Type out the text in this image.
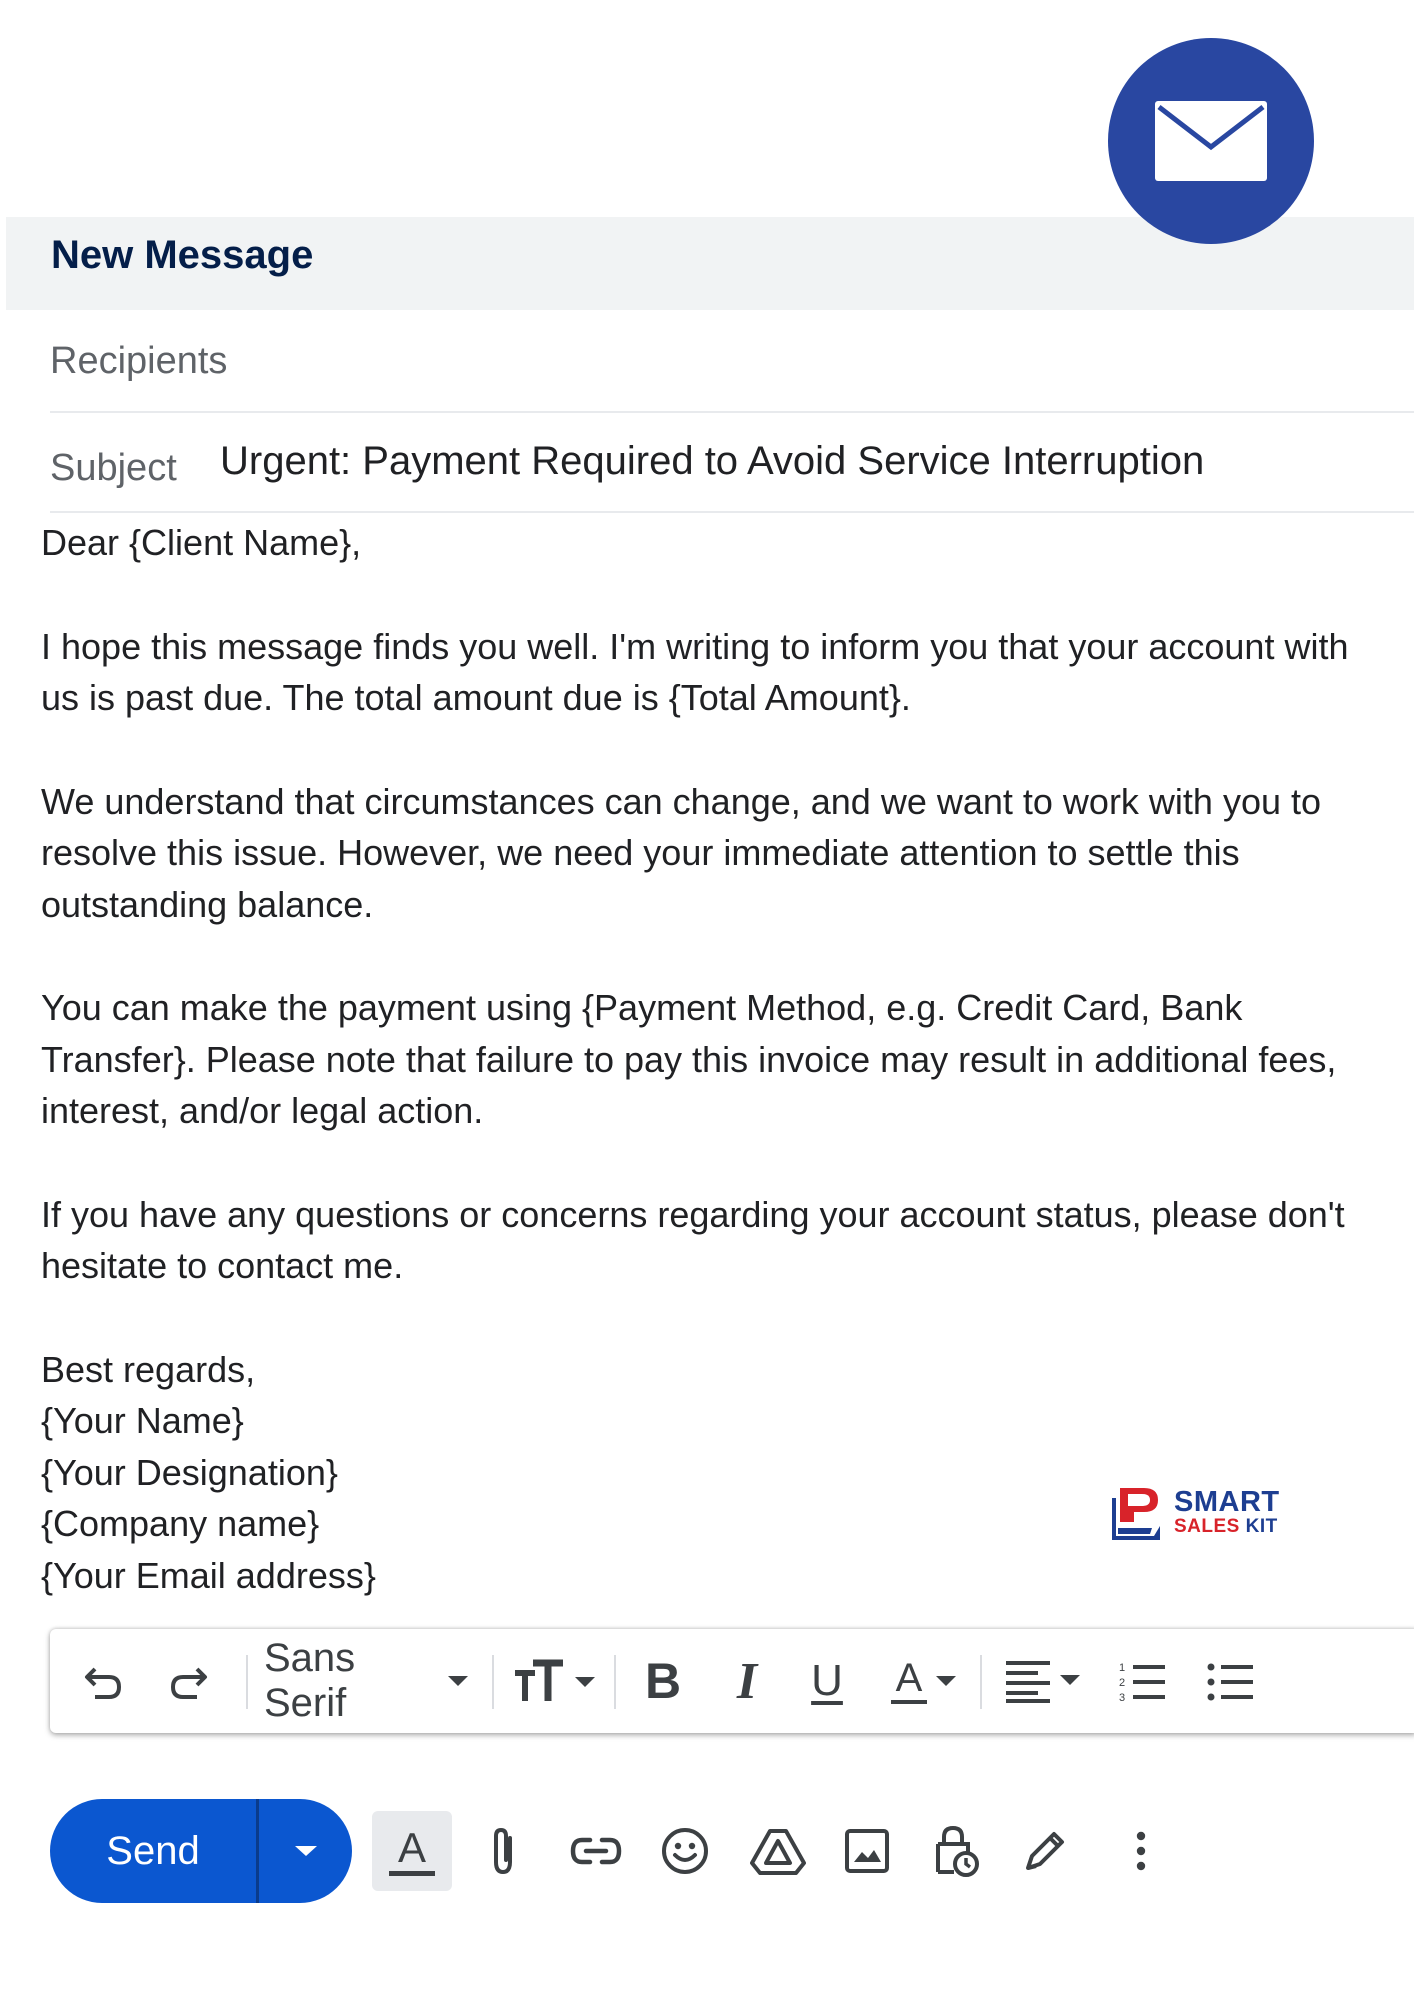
New Message
Recipients
Subject Urgent: Payment Required to Avoid Service Interruption

Dear {Client Name},

I hope this message finds you well. I'm writing to inform you that your account with us is past due. The total amount due is {Total Amount}.

We understand that circumstances can change, and we want to work with you to resolve this issue. However, we need your immediate attention to settle this outstanding balance.

You can make the payment using {Payment Method, e.g. Credit Card, Bank Transfer}. Please note that failure to pay this invoice may result in additional fees, interest, and/or legal action.

If you have any questions or concerns regarding your account status, please don't hesitate to contact me.

Best regards,

{Your Name}

{Your Designation}

{Company name}

{Your Email address}

SMART
SALES KIT
Sans Serif	B I U A	1
2
3
Send	A
